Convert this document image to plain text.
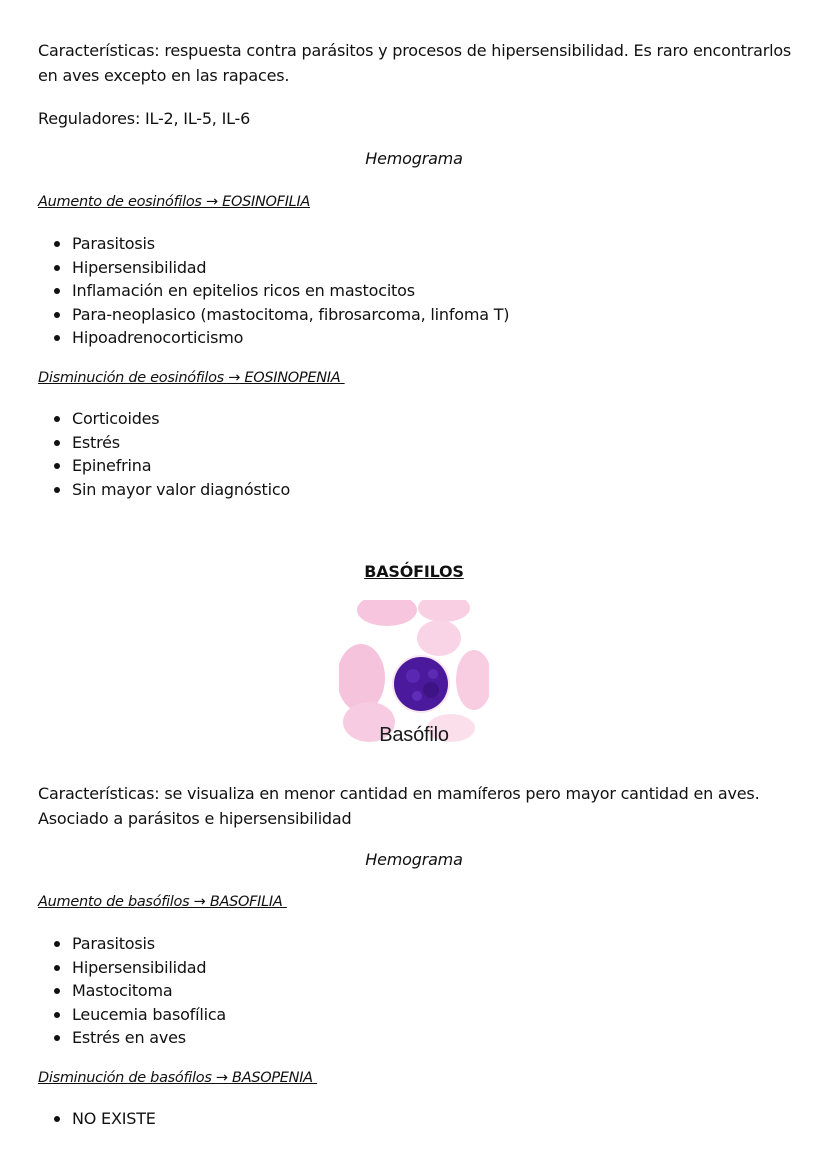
Características: respuesta contra parásitos y procesos de hipersensibilidad. Es raro encontrarlos en aves excepto en las rapaces.

Reguladores: IL-2, IL-5, IL-6

Hemograma

Aumento de eosinófilos → EOSINOFILIA

Parasitosis
Hipersensibilidad
Inflamación en epitelios ricos en mastocitos
Para-neoplasico (mastocitoma, fibrosarcoma, linfoma T)
Hipoadrenocorticismo

Disminución de eosinófilos → EOSINOPENIA

Corticoides
Estrés
Epinefrina
Sin mayor valor diagnóstico

BASÓFILOS

Basófilo

Características: se visualiza en menor cantidad en mamíferos pero mayor cantidad en aves. Asociado a parásitos e hipersensibilidad

Hemograma

Aumento de basófilos → BASOFILIA

Parasitosis
Hipersensibilidad
Mastocitoma
Leucemia basofílica
Estrés en aves

Disminución de basófilos → BASOPENIA

NO EXISTE
